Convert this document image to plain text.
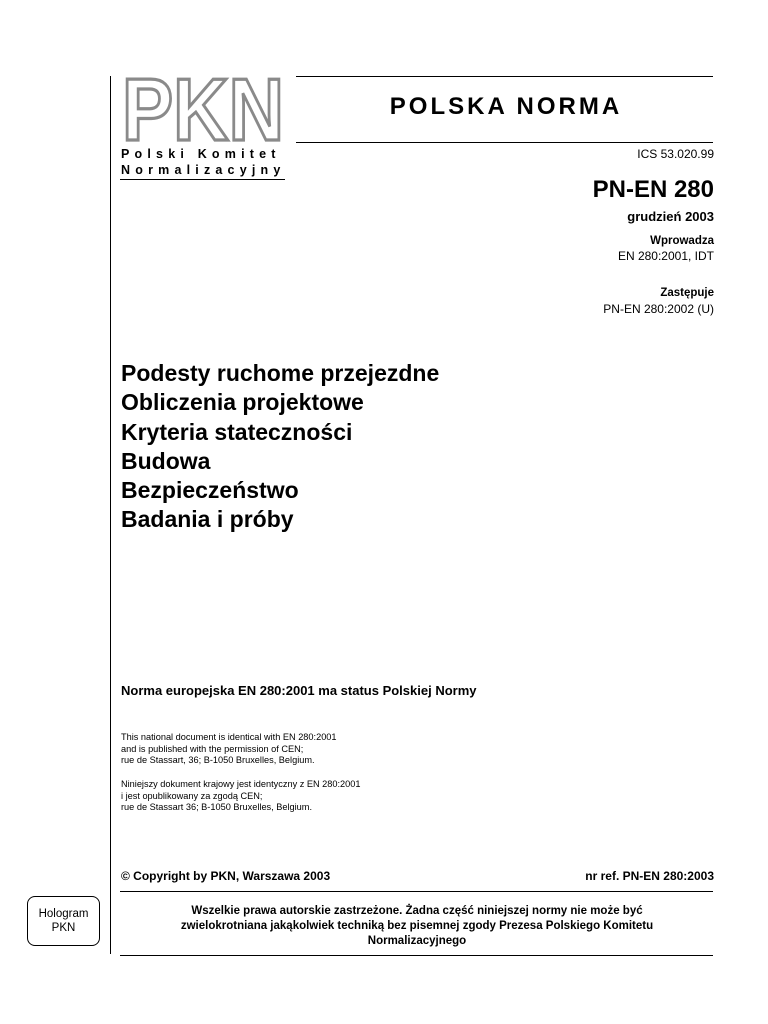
PKN
Polski Komitet
Normalizacyjny
POLSKA NORMA
ICS 53.020.99
PN-EN 280
grudzień 2003
Wprowadza
EN 280:2001, IDT
Zastępuje
PN-EN 280:2002 (U)
Podesty ruchome przejezdne
Obliczenia projektowe
Kryteria stateczności
Budowa
Bezpieczeństwo
Badania i próby
Norma europejska EN 280:2001 ma status Polskiej Normy
This national document is identical with EN 280:2001
and is published with the permission of CEN;
rue de Stassart, 36; B-1050 Bruxelles, Belgium.
Niniejszy dokument krajowy jest identyczny z EN 280:2001
i jest opublikowany za zgodą CEN;
rue de Stassart 36; B-1050 Bruxelles, Belgium.
© Copyright by PKN, Warszawa 2003	nr ref. PN-EN 280:2003
Wszelkie prawa autorskie zastrzeżone. Żadna część niniejszej normy nie może być
zwielokrotniana jakąkolwiek techniką bez pisemnej zgody Prezesa Polskiego Komitetu
Normalizacyjnego
Hologram
PKN
